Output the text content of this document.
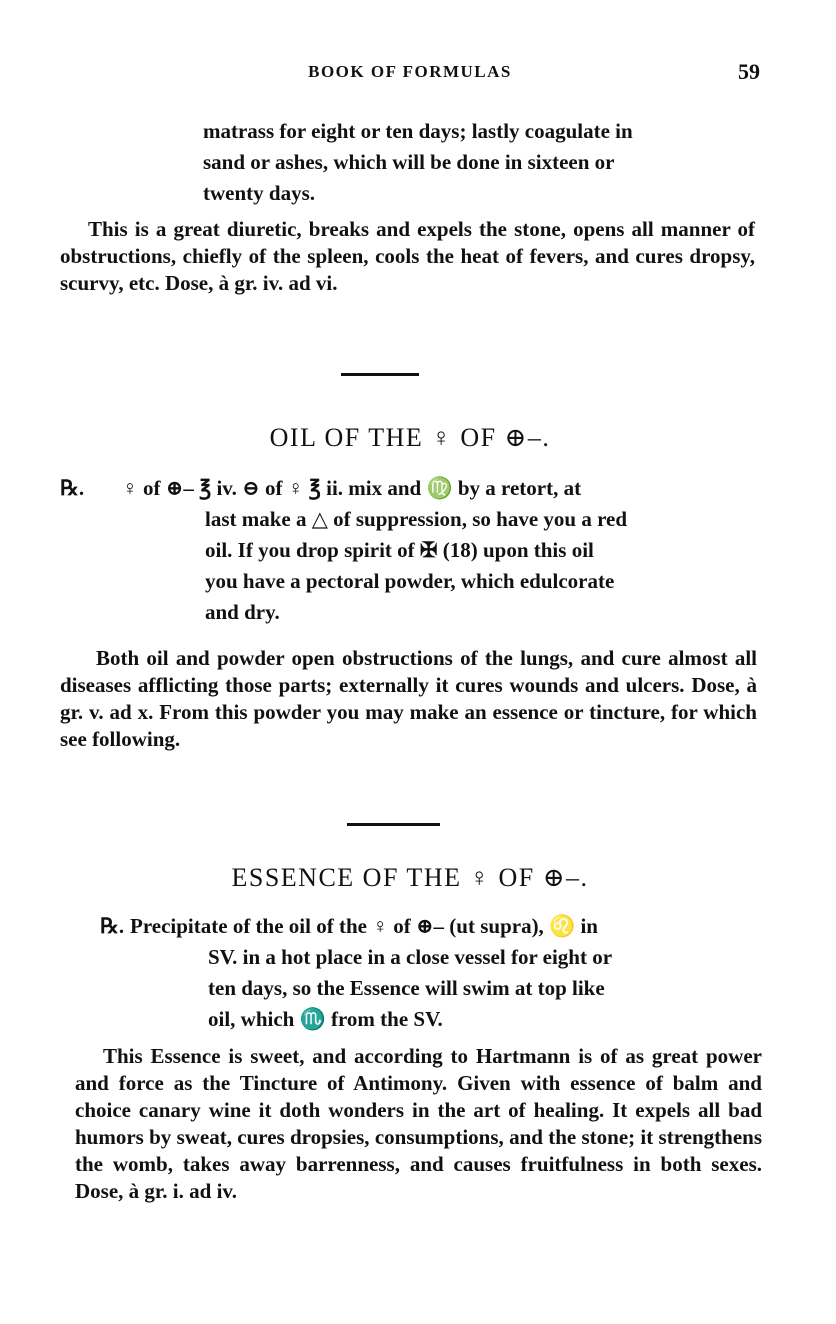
BOOK OF FORMULAS	59

matrass for eight or ten days; lastly coagulate in

sand or ashes, which will be done in sixteen or

twenty days.

This is a great diuretic, breaks and expels the stone, opens all manner of obstructions, chiefly of the spleen, cools the heat of fevers, and cures dropsy, scurvy, etc. Dose, à gr. iv. ad vi.
OIL OF THE ♀ OF ⊕–.

℞. ♀ of ⊕– ℥ iv. ⊖ of ♀ ℥ ii. mix and ♍ by a retort, at

last make a △ of suppression, so have you a red

oil. If you drop spirit of ✠ (18) upon this oil

you have a pectoral powder, which edulcorate

and dry.

Both oil and powder open obstructions of the lungs, and cure almost all diseases afflicting those parts; externally it cures wounds and ulcers. Dose, à gr. v. ad x. From this powder you may make an essence or tincture, for which see following.
ESSENCE OF THE ♀ OF ⊕–.

℞. Precipitate of the oil of the ♀ of ⊕– (ut supra), ♌ in

SV. in a hot place in a close vessel for eight or

ten days, so the Essence will swim at top like

oil, which ♏ from the SV.

This Essence is sweet, and according to Hartmann is of as great power and force as the Tincture of Antimony. Given with essence of balm and choice canary wine it doth wonders in the art of healing. It expels all bad humors by sweat, cures dropsies, consumptions, and the stone; it strengthens the womb, takes away barrenness, and causes fruitfulness in both sexes. Dose, à gr. i. ad iv.
